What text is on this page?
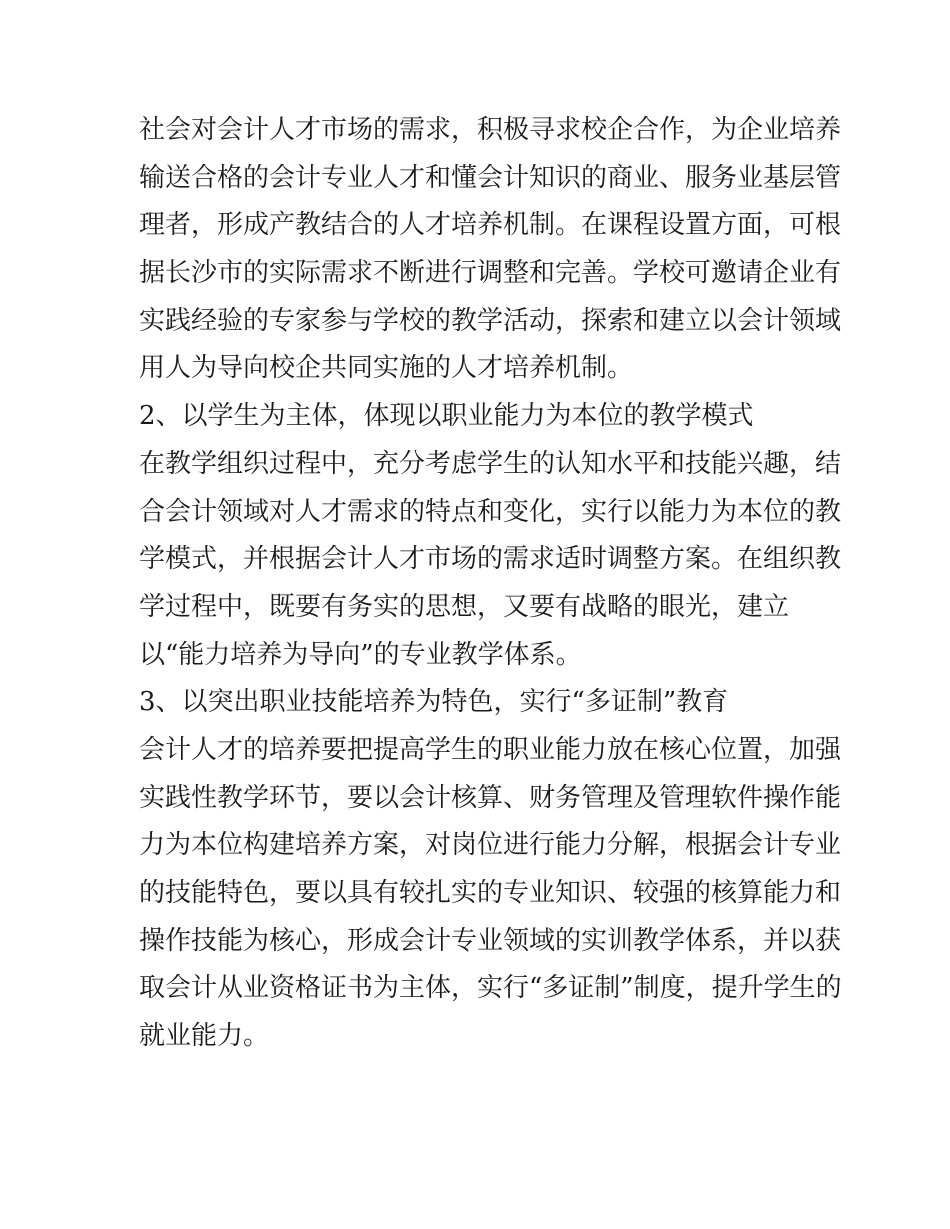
社会对会计人才市场的需求，积极寻求校企合作，为企业培养
输送合格的会计专业人才和懂会计知识的商业、服务业基层管
理者，形成产教结合的人才培养机制。在课程设置方面，可根
据长沙市的实际需求不断进行调整和完善。学校可邀请企业有
实践经验的专家参与学校的教学活动，探索和建立以会计领域
用人为导向校企共同实施的人才培养机制。
2、以学生为主体，体现以职业能力为本位的教学模式
在教学组织过程中，充分考虑学生的认知水平和技能兴趣，结
合会计领域对人才需求的特点和变化，实行以能力为本位的教
学模式，并根据会计人才市场的需求适时调整方案。在组织教
学过程中，既要有务实的思想，又要有战略的眼光，建立
以“能力培养为导向”的专业教学体系。
3、以突出职业技能培养为特色，实行“多证制”教育
会计人才的培养要把提高学生的职业能力放在核心位置，加强
实践性教学环节，要以会计核算、财务管理及管理软件操作能
力为本位构建培养方案，对岗位进行能力分解，根据会计专业
的技能特色，要以具有较扎实的专业知识、较强的核算能力和
操作技能为核心，形成会计专业领域的实训教学体系，并以获
取会计从业资格证书为主体，实行“多证制”制度，提升学生的
就业能力。
